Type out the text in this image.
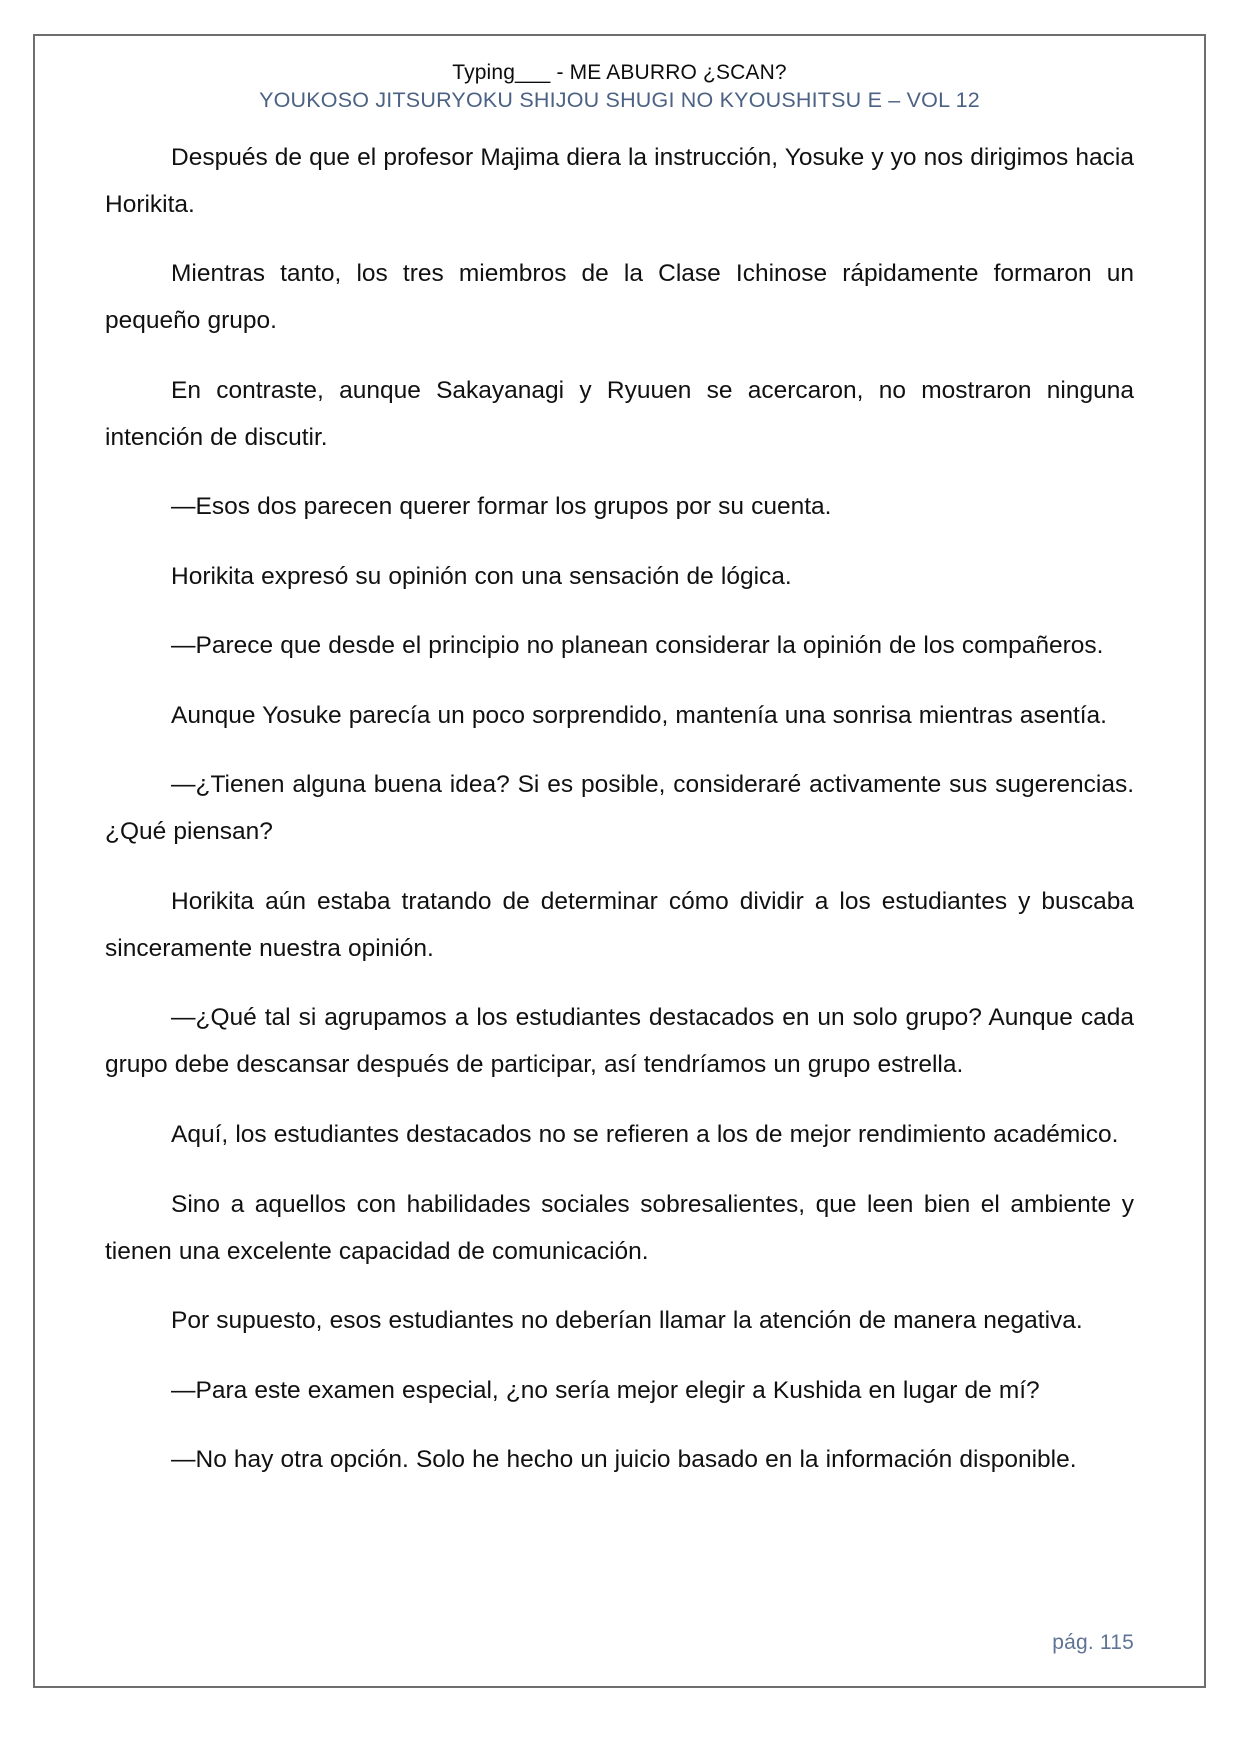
Typing___ - ME ABURRO ¿SCAN?
YOUKOSO JITSURYOKU SHIJOU SHUGI NO KYOUSHITSU E – VOL 12

Después de que el profesor Majima diera la instrucción, Yosuke y yo nos dirigimos hacia Horikita.

Mientras tanto, los tres miembros de la Clase Ichinose rápidamente formaron un pequeño grupo.

En contraste, aunque Sakayanagi y Ryuuen se acercaron, no mostraron ninguna intención de discutir.

—Esos dos parecen querer formar los grupos por su cuenta.

Horikita expresó su opinión con una sensación de lógica.

—Parece que desde el principio no planean considerar la opinión de los compañeros.

Aunque Yosuke parecía un poco sorprendido, mantenía una sonrisa mientras asentía.

—¿Tienen alguna buena idea? Si es posible, consideraré activamente sus sugerencias. ¿Qué piensan?

Horikita aún estaba tratando de determinar cómo dividir a los estudiantes y buscaba sinceramente nuestra opinión.

—¿Qué tal si agrupamos a los estudiantes destacados en un solo grupo? Aunque cada grupo debe descansar después de participar, así tendríamos un grupo estrella.

Aquí, los estudiantes destacados no se refieren a los de mejor rendimiento académico.

Sino a aquellos con habilidades sociales sobresalientes, que leen bien el ambiente y tienen una excelente capacidad de comunicación.

Por supuesto, esos estudiantes no deberían llamar la atención de manera negativa.

—Para este examen especial, ¿no sería mejor elegir a Kushida en lugar de mí?

—No hay otra opción. Solo he hecho un juicio basado en la información disponible.

pág. 115
